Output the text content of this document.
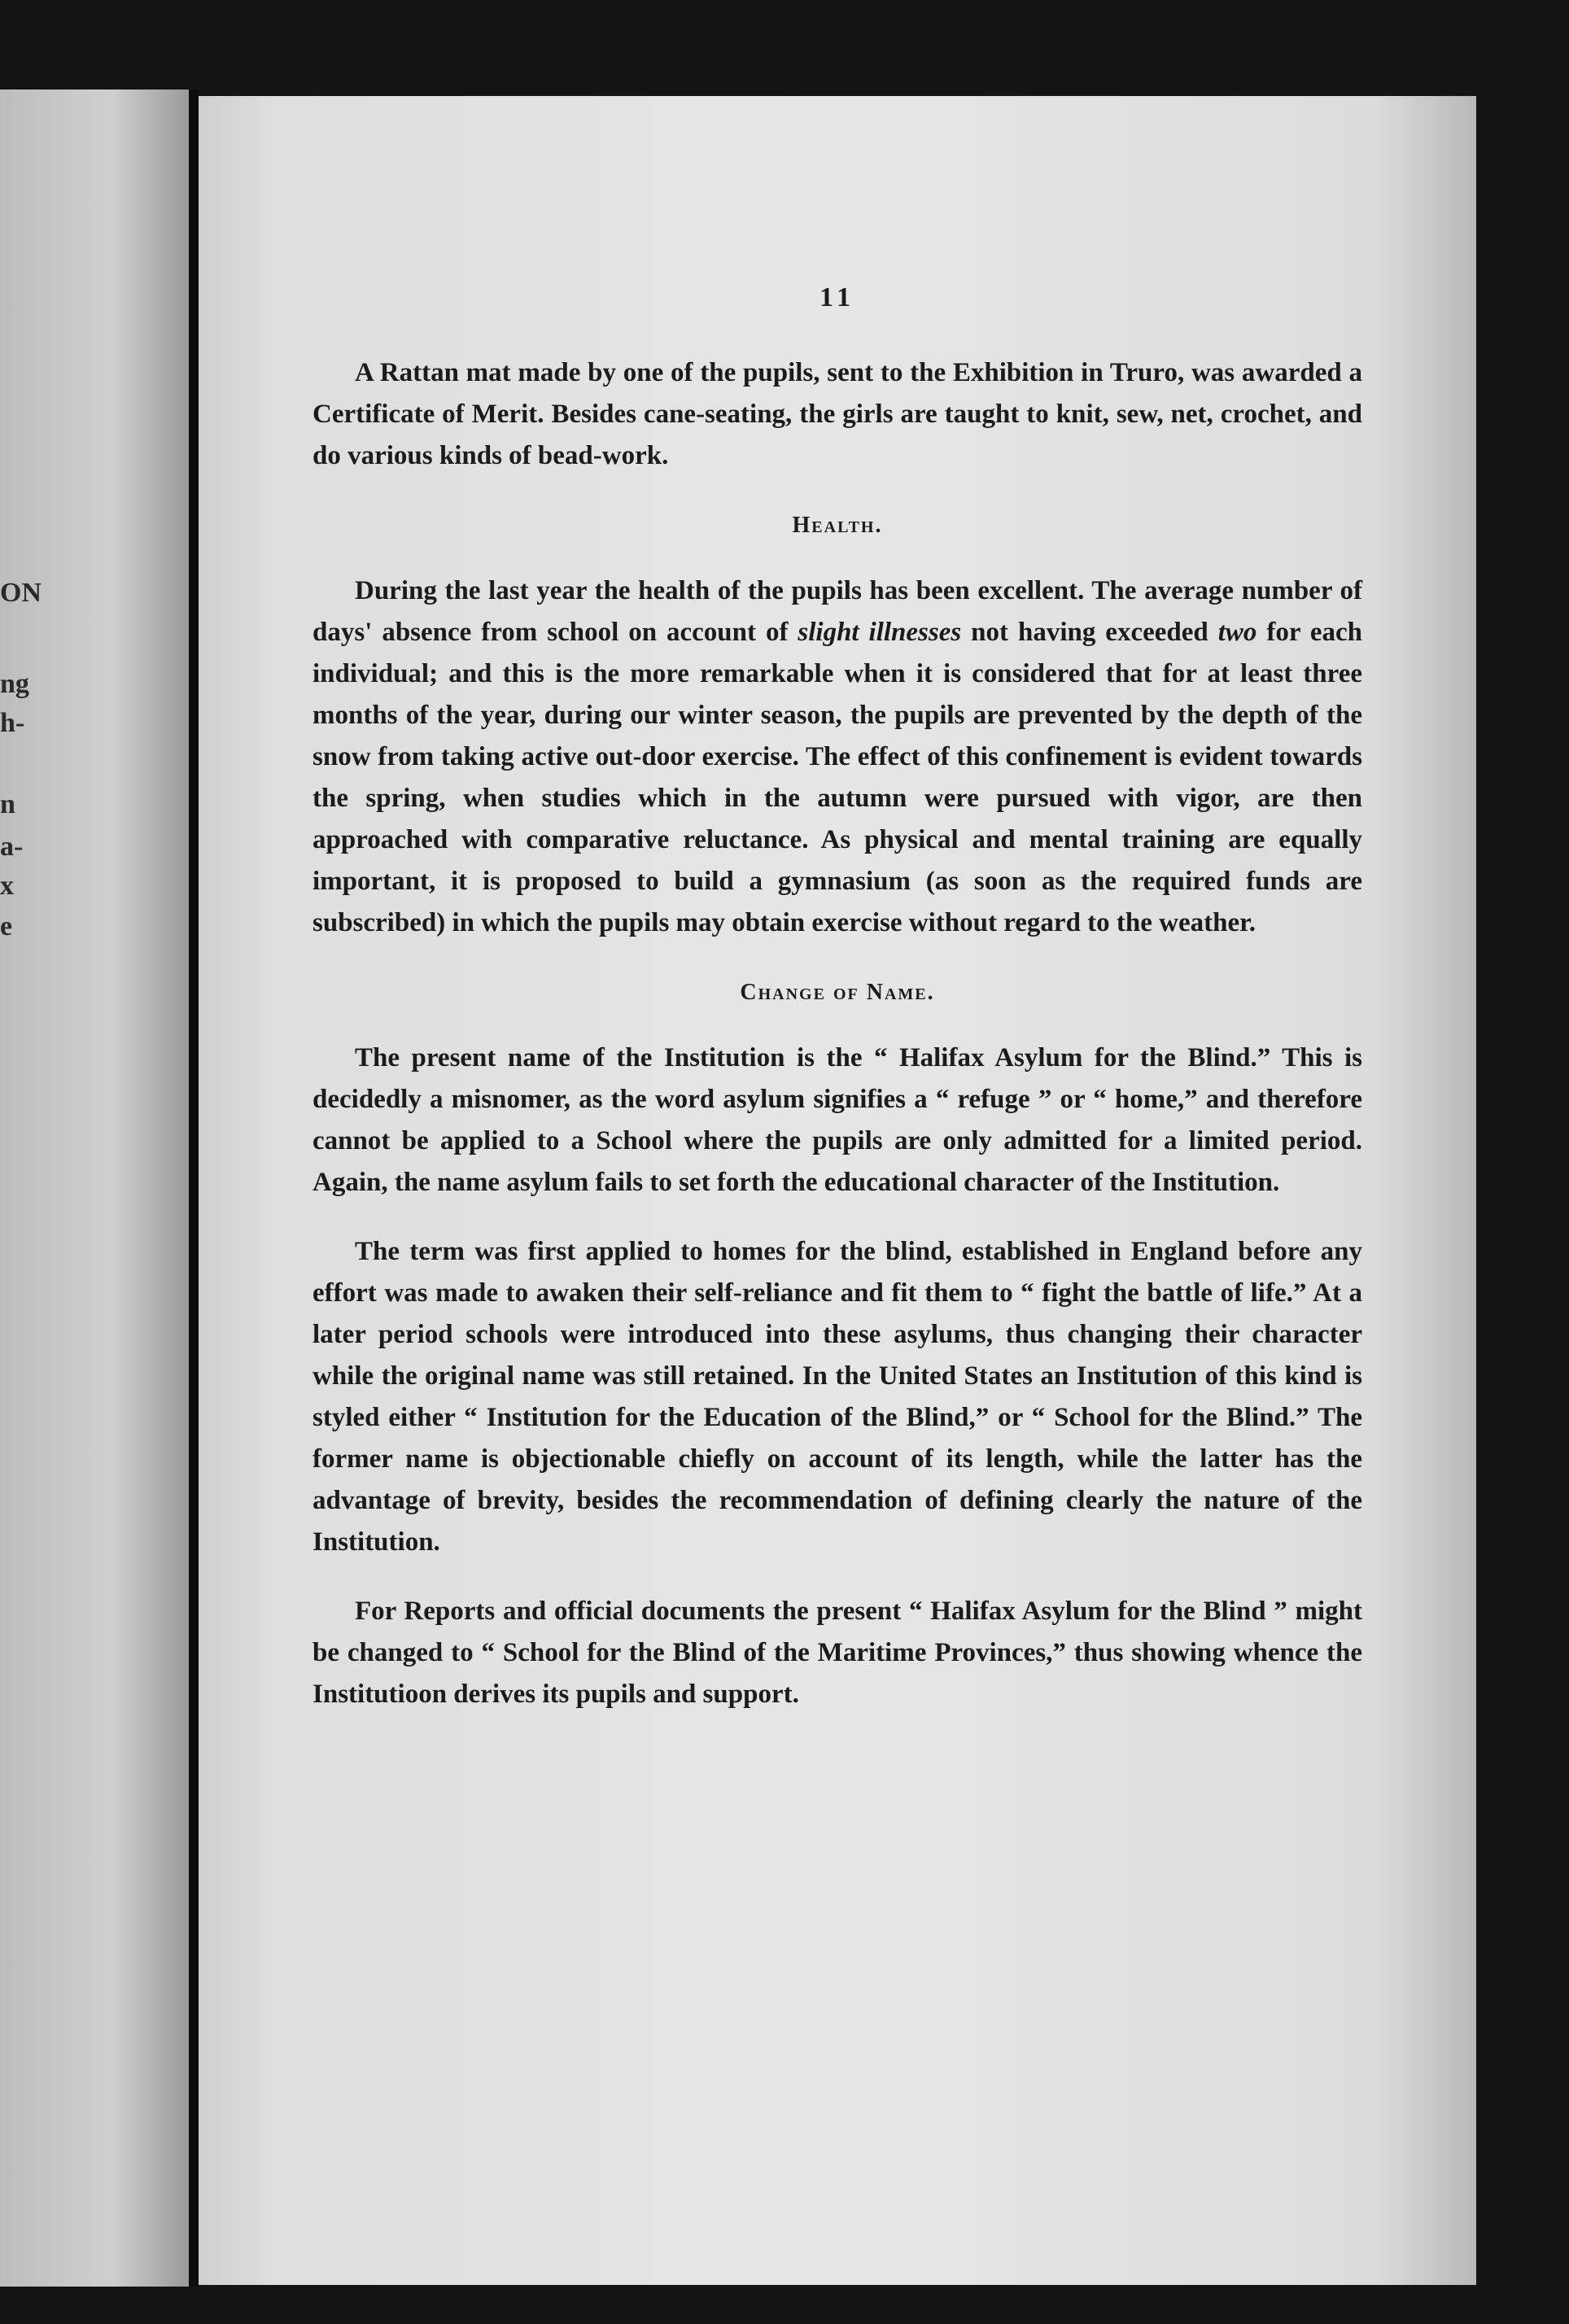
ON
ng
h-
n
a-
x
e
11

A Rattan mat made by one of the pupils, sent to the Exhibition in Truro, was awarded a Certificate of Merit. Besides cane-seating, the girls are taught to knit, sew, net, crochet, and do various kinds of bead-work.

Health.

During the last year the health of the pupils has been excellent. The average number of days' absence from school on account of slight illnesses not having exceeded two for each individual; and this is the more remarkable when it is considered that for at least three months of the year, during our winter season, the pupils are prevented by the depth of the snow from taking active out-door exercise. The effect of this confinement is evident towards the spring, when studies which in the autumn were pursued with vigor, are then approached with comparative reluctance. As physical and mental training are equally important, it is proposed to build a gymnasium (as soon as the required funds are subscribed) in which the pupils may obtain exercise without regard to the weather.

Change of Name.

The present name of the Institution is the “ Halifax Asylum for the Blind.” This is decidedly a misnomer, as the word asylum signifies a “ refuge ” or “ home,” and therefore cannot be applied to a School where the pupils are only admitted for a limited period. Again, the name asylum fails to set forth the educational character of the Institution.

The term was first applied to homes for the blind, established in England before any effort was made to awaken their self-reliance and fit them to “ fight the battle of life.” At a later period schools were introduced into these asylums, thus changing their character while the original name was still retained. In the United States an Institution of this kind is styled either “ Institution for the Education of the Blind,” or “ School for the Blind.” The former name is objectionable chiefly on account of its length, while the latter has the advantage of brevity, besides the recommendation of defining clearly the nature of the Institution.

For Reports and official documents the present “ Halifax Asylum for the Blind ” might be changed to “ School for the Blind of the Maritime Provinces,” thus showing whence the Institutioon derives its pupils and support.
